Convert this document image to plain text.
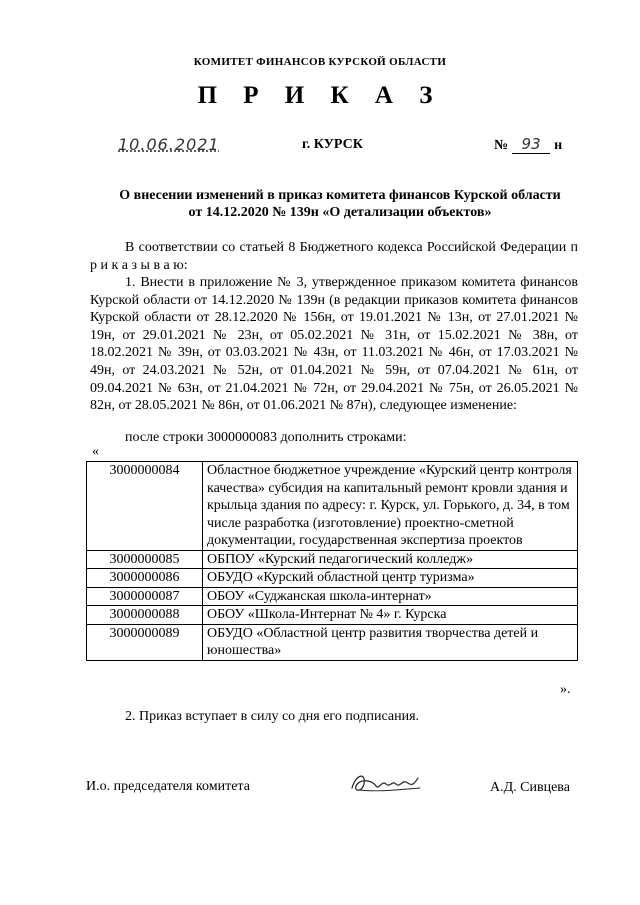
КОМИТЕТ ФИНАНСОВ КУРСКОЙ ОБЛАСТИ
П Р И К А З
10.06.2021	г. КУРСК	№ 93 н
О внесении изменений в приказ комитета финансов Курской области
от 14.12.2020 № 139н «О детализации объектов»
В соответствии со статьей 8 Бюджетного кодекса Российской Федерации п р и к а з ы в а ю:
1. Внести в приложение № 3, утвержденное приказом комитета финансов Курской области от 14.12.2020 № 139н (в редакции приказов комитета финансов Курской области от 28.12.2020 № 156н, от 19.01.2021 № 13н, от 27.01.2021 № 19н, от 29.01.2021 № 23н, от 05.02.2021 № 31н, от 15.02.2021 № 38н, от 18.02.2021 № 39н, от 03.03.2021 № 43н, от 11.03.2021 № 46н, от 17.03.2021 № 49н, от 24.03.2021 № 52н, от 01.04.2021 № 59н, от 07.04.2021 № 61н, от 09.04.2021 № 63н, от 21.04.2021 № 72н, от 29.04.2021 № 75н, от 26.05.2021 № 82н, от 28.05.2021 № 86н, от 01.06.2021 № 87н), следующее изменение:
после строки 3000000083 дополнить строками:
«
3000000084	Областное бюджетное учреждение «Курский центр контроля качества» субсидия на капитальный ремонт кровли здания и крыльца здания по адресу: г. Курск, ул. Горького, д. 34, в том числе разработка (изготовление) проектно-сметной документации, государственная экспертиза проектов
3000000085	ОБПОУ «Курский педагогический колледж»
3000000086	ОБУДО «Курский областной центр туризма»
3000000087	ОБОУ «Суджанская школа-интернат»
3000000088	ОБОУ «Школа-Интернат № 4» г. Курска
3000000089	ОБУДО «Областной центр развития творчества детей и юношества»
».
2. Приказ вступает в силу со дня его подписания.
И.о. председателя комитета	А.Д. Сивцева
